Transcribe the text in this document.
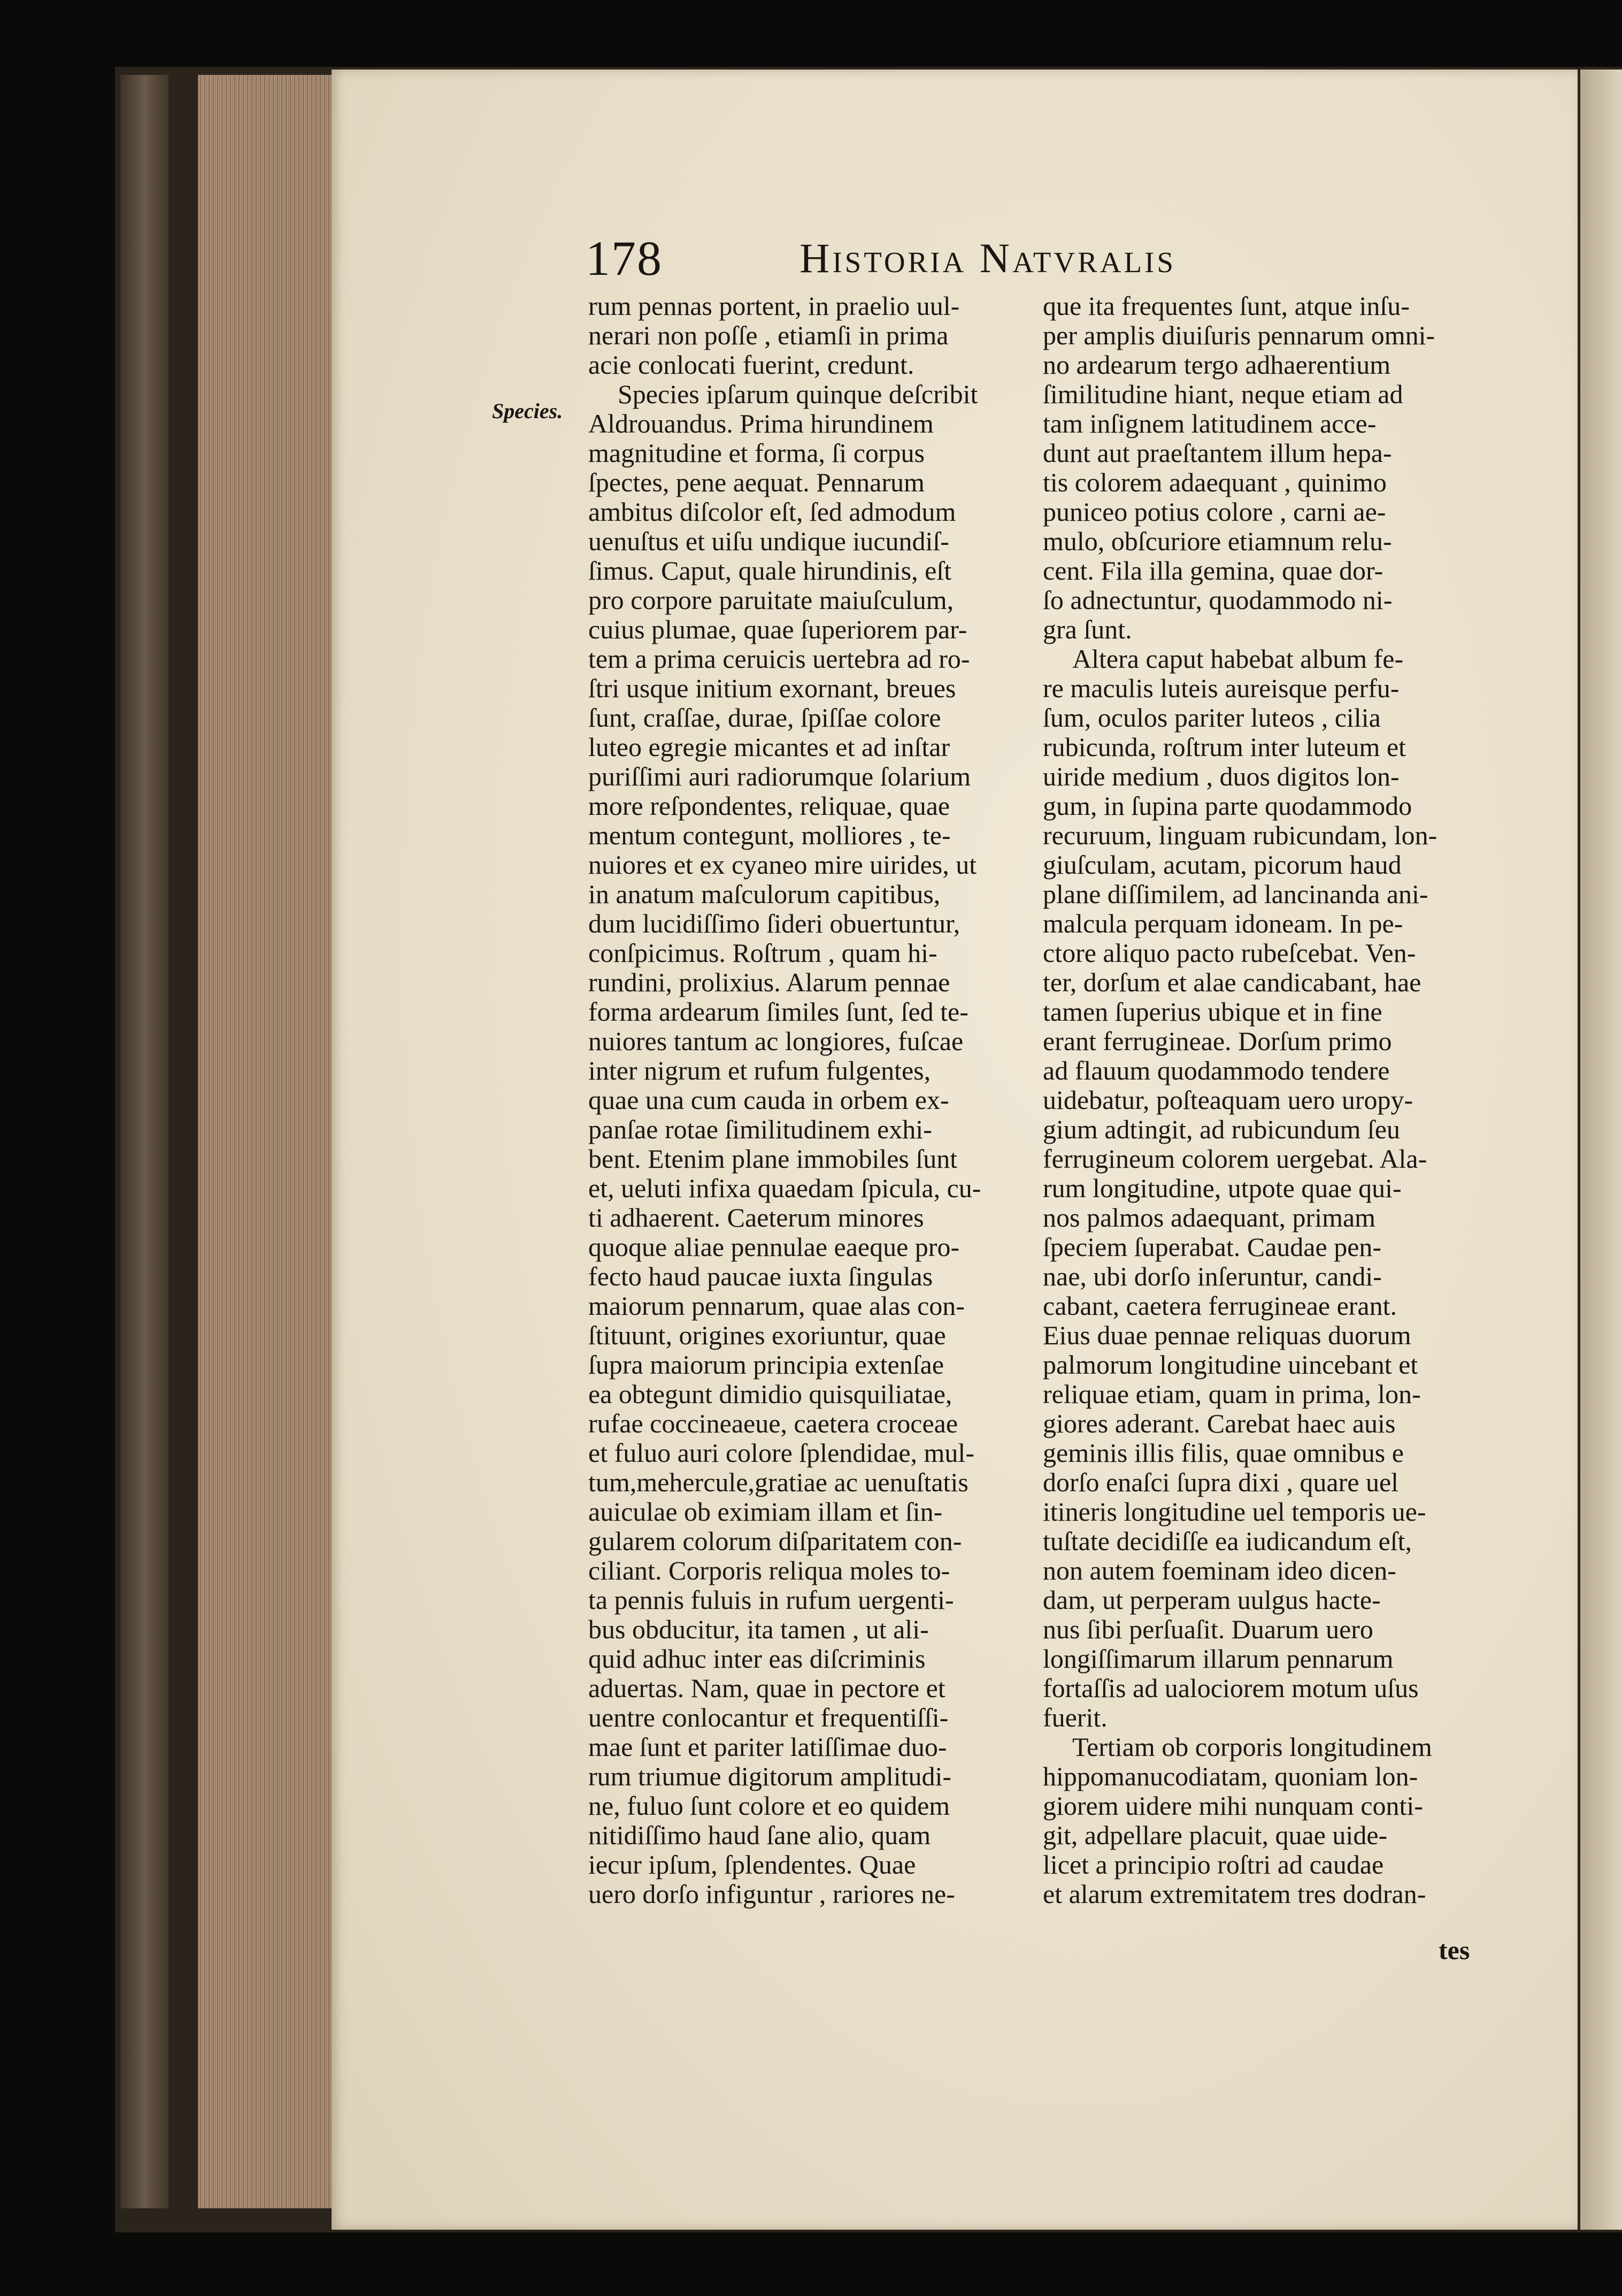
178	Historia Natvralis
Species.
rum pennas portent, in praelio uul-
nerari non poſſe , etiamſi in prima
acie conlocati fuerint, credunt.
Species ipſarum quinque deſcribit
Aldrouandus. Prima hirundinem
magnitudine et forma, ſi corpus
ſpectes, pene aequat. Pennarum
ambitus diſcolor eſt, ſed admodum
uenuſtus et uiſu undique iucundiſ-
ſimus. Caput, quale hirundinis, eſt
pro corpore paruitate maiuſculum,
cuius plumae, quae ſuperiorem par-
tem a prima ceruicis uertebra ad ro-
ſtri usque initium exornant, breues
ſunt, craſſae, durae, ſpiſſae colore
luteo egregie micantes et ad inſtar
puriſſimi auri radiorumque ſolarium
more reſpondentes, reliquae, quae
mentum contegunt, molliores , te-
nuiores et ex cyaneo mire uirides, ut
in anatum maſculorum capitibus,
dum lucidiſſimo ſideri obuertuntur,
conſpicimus. Roſtrum , quam hi-
rundini, prolixius. Alarum pennae
forma ardearum ſimiles ſunt, ſed te-
nuiores tantum ac longiores, fuſcae
inter nigrum et rufum fulgentes,
quae una cum cauda in orbem ex-
panſae rotae ſimilitudinem exhi-
bent. Etenim plane immobiles ſunt
et, ueluti infixa quaedam ſpicula, cu-
ti adhaerent. Caeterum minores
quoque aliae pennulae eaeque pro-
fecto haud paucae iuxta ſingulas
maiorum pennarum, quae alas con-
ſtituunt, origines exoriuntur, quae
ſupra maiorum principia extenſae
ea obtegunt dimidio quisquiliatae,
rufae coccineaeue, caetera croceae
et fuluo auri colore ſplendidae, mul-
tum,mehercule,gratiae ac uenuſtatis
auiculae ob eximiam illam et ſin-
gularem colorum diſparitatem con-
ciliant. Corporis reliqua moles to-
ta pennis fuluis in rufum uergenti-
bus obducitur, ita tamen , ut ali-
quid adhuc inter eas diſcriminis
aduertas. Nam, quae in pectore et
uentre conlocantur et frequentiſſi-
mae ſunt et pariter latiſſimae duo-
rum triumue digitorum amplitudi-
ne, fuluo ſunt colore et eo quidem
nitidiſſimo haud ſane alio, quam
iecur ipſum, ſplendentes. Quae
uero dorſo infiguntur , rariores ne-
que ita frequentes ſunt, atque inſu-
per amplis diuiſuris pennarum omni-
no ardearum tergo adhaerentium
ſimilitudine hiant, neque etiam ad
tam inſignem latitudinem acce-
dunt aut praeſtantem illum hepa-
tis colorem adaequant , quinimo
puniceo potius colore , carni ae-
mulo, obſcuriore etiamnum relu-
cent. Fila illa gemina, quae dor-
ſo adnectuntur, quodammodo ni-
gra ſunt.
Altera caput habebat album fe-
re maculis luteis aureisque perfu-
ſum, oculos pariter luteos , cilia
rubicunda, roſtrum inter luteum et
uiride medium , duos digitos lon-
gum, in ſupina parte quodammodo
recuruum, linguam rubicundam, lon-
giuſculam, acutam, picorum haud
plane diſſimilem, ad lancinanda ani-
malcula perquam idoneam. In pe-
ctore aliquo pacto rubeſcebat. Ven-
ter, dorſum et alae candicabant, hae
tamen ſuperius ubique et in fine
erant ferrugineae. Dorſum primo
ad flauum quodammodo tendere
uidebatur, poſteaquam uero uropy-
gium adtingit, ad rubicundum ſeu
ferrugineum colorem uergebat. Ala-
rum longitudine, utpote quae qui-
nos palmos adaequant, primam
ſpeciem ſuperabat. Caudae pen-
nae, ubi dorſo inſeruntur, candi-
cabant, caetera ferrugineae erant.
Eius duae pennae reliquas duorum
palmorum longitudine uincebant et
reliquae etiam, quam in prima, lon-
giores aderant. Carebat haec auis
geminis illis filis, quae omnibus e
dorſo enaſci ſupra dixi , quare uel
itineris longitudine uel temporis ue-
tuſtate decidiſſe ea iudicandum eſt,
non autem foeminam ideo dicen-
dam, ut perperam uulgus hacte-
nus ſibi perſuaſit. Duarum uero
longiſſimarum illarum pennarum
fortaſſis ad ualociorem motum uſus
fuerit.
Tertiam ob corporis longitudinem
hippomanucodiatam, quoniam lon-
giorem uidere mihi nunquam conti-
git, adpellare placuit, quae uide-
licet a principio roſtri ad caudae
et alarum extremitatem tres dodran-
tes
